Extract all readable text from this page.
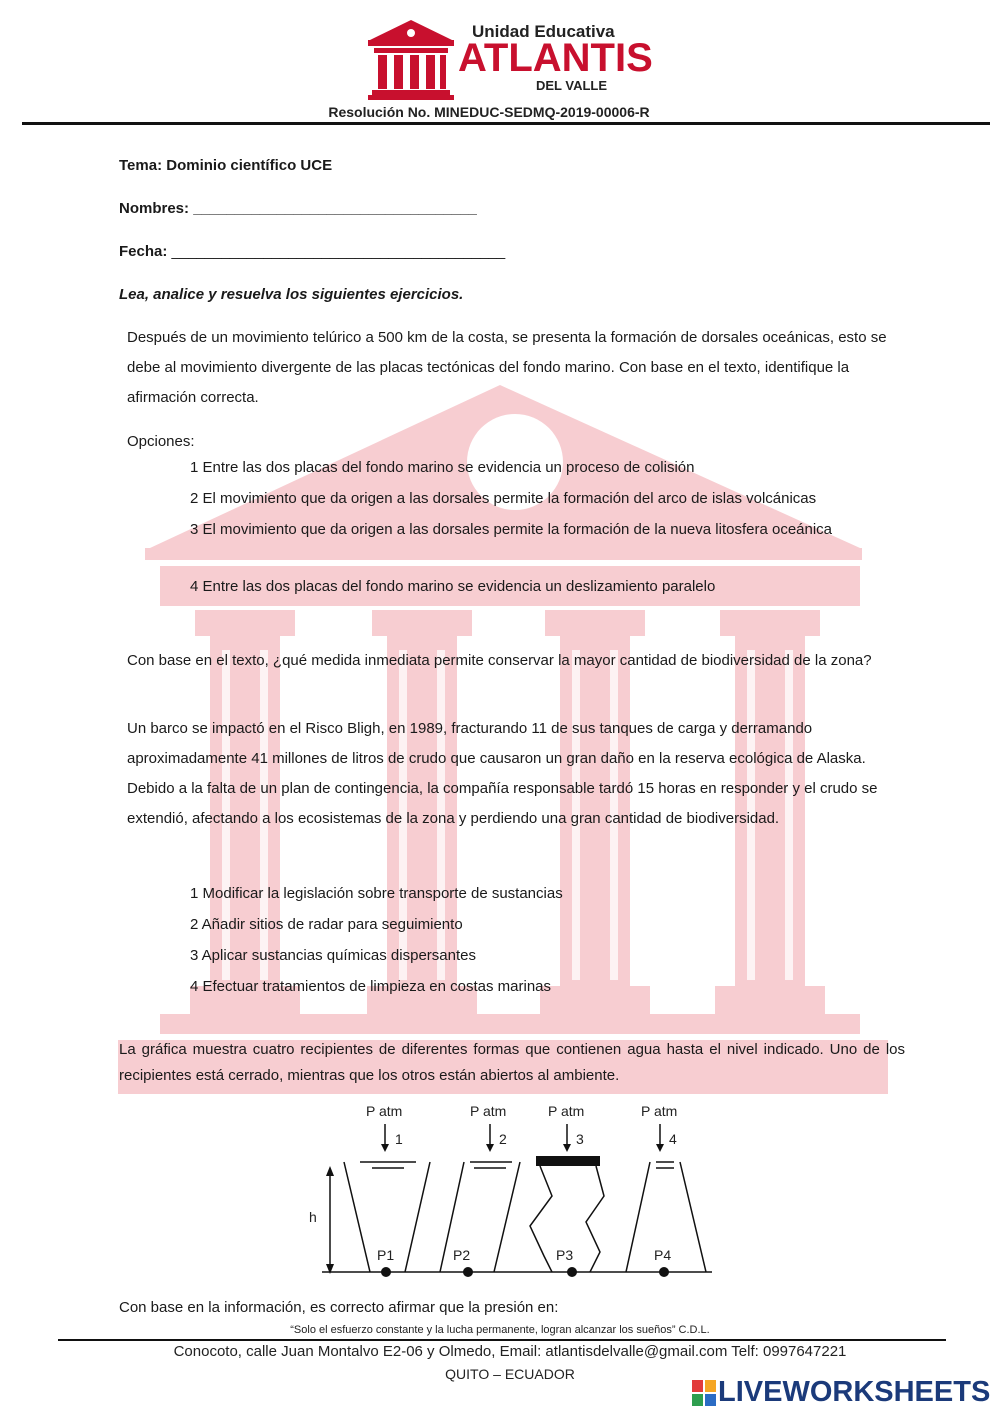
Unidad Educativa
ATLANTIS
DEL VALLE
Resolución No. MINEDUC-SEDMQ-2019-00006-R
Tema: Dominio científico UCE
Nombres: __________________________________
Fecha: ________________________________________
Lea, analice y resuelva los siguientes ejercicios.
Después de un movimiento telúrico a 500 km de la costa, se presenta la formación de dorsales oceánicas, esto se debe al movimiento divergente de las placas tectónicas del fondo marino. Con base en el texto, identifique la afirmación correcta.
Opciones:
1 Entre las dos placas del fondo marino se evidencia un proceso de colisión
2 El movimiento que da origen a las dorsales permite la formación del arco de islas volcánicas
3 El movimiento que da origen a las dorsales permite la formación de la nueva litosfera oceánica
4 Entre las dos placas del fondo marino se evidencia un deslizamiento paralelo
Con base en el texto, ¿qué medida inmediata permite conservar la mayor cantidad de biodiversidad de la zona?
Un barco se impactó en el Risco Bligh, en 1989, fracturando 11 de sus tanques de carga y derramando aproximadamente 41 millones de litros de crudo que causaron un gran daño en la reserva ecológica de Alaska. Debido a la falta de un plan de contingencia, la compañía responsable tardó 15 horas en responder y el crudo se extendió, afectando a los ecosistemas de la zona y perdiendo una gran cantidad de biodiversidad.
1 Modificar la legislación sobre transporte de sustancias
2 Añadir sitios de radar para seguimiento
3 Aplicar sustancias químicas dispersantes
4 Efectuar tratamientos de limpieza en costas marinas
La gráfica muestra cuatro recipientes de diferentes formas que contienen agua hasta el nivel indicado. Uno de los recipientes está cerrado, mientras que los otros están abiertos al ambiente.
P atm	P atm	P atm	P atm
1	2	3	4
P1	P2	P3	P4
h
Con base en la información, es correcto afirmar que la presión en:
“Solo el esfuerzo constante y la lucha permanente, logran alcanzar los sueños” C.D.L.
Conocoto, calle Juan Montalvo E2-06 y Olmedo, Email: atlantisdelvalle@gmail.com Telf: 0997647221
QUITO – ECUADOR
LIVEWORKSHEETS
